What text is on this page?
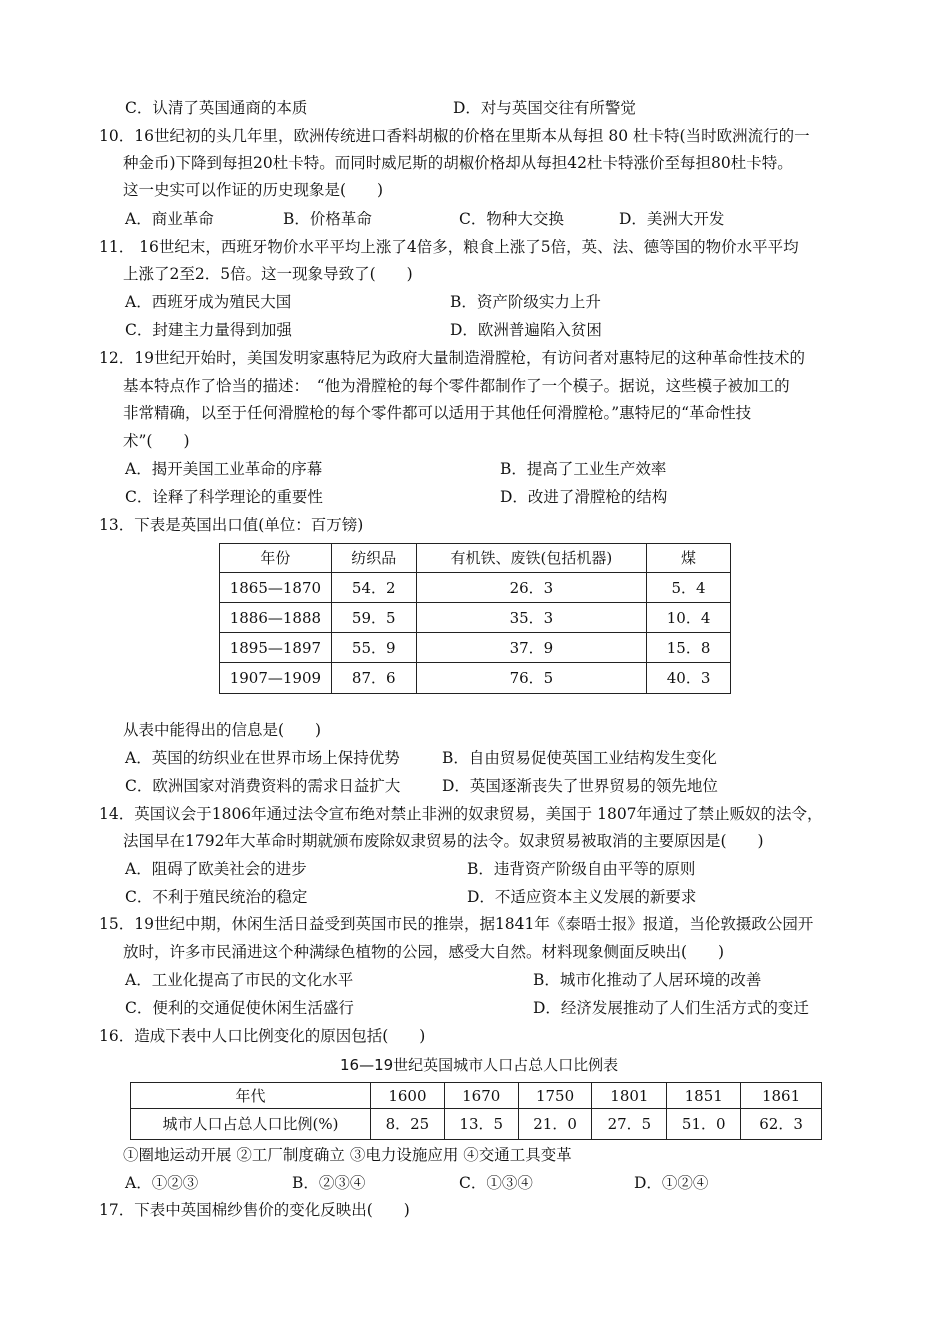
C．认清了英国通商的本质	D．对与英国交往有所警觉
10．16世纪初的头几年里，欧洲传统进口香料胡椒的价格在里斯本从每担 80 杜卡特(当时欧洲流行的一
种金币)下降到每担20杜卡特。而同时威尼斯的胡椒价格却从每担42杜卡特涨价至每担80杜卡特。
这一史实可以作证的历史现象是(　　)
A．商业革命	B．价格革命	C．物种大交换	D．美洲大开发
11． 16世纪末，西班牙物价水平平均上涨了4倍多，粮食上涨了5倍，英、法、德等国的物价水平平均
上涨了2至2．5倍。这一现象导致了(　　)
A．西班牙成为殖民大国	B．资产阶级实力上升
C．封建主力量得到加强	D．欧洲普遍陷入贫困
12．19世纪开始时，美国发明家惠特尼为政府大量制造滑膛枪，有访问者对惠特尼的这种革命性技术的
基本特点作了恰当的描述：　“他为滑膛枪的每个零件都制作了一个模子。据说，这些模子被加工的
非常精确，以至于任何滑膛枪的每个零件都可以适用于其他任何滑膛枪。”惠特尼的“革命性技
术”(　　)
A．揭开美国工业革命的序幕	B．提高了工业生产效率
C．诠释了科学理论的重要性	D．改进了滑膛枪的结构
13．下表是英国出口值(单位：百万镑)
年份	纺织品	有机铁、废铁(包括机器)	煤
1865—1870	54．2	26．3	5．4
1886—1888	59．5	35．3	10．4
1895—1897	55．9	37．9	15．8
1907—1909	87．6	76．5	40．3
从表中能得出的信息是(　　)
A．英国的纺织业在世界市场上保持优势	B．自由贸易促使英国工业结构发生变化
C．欧洲国家对消费资料的需求日益扩大	D．英国逐渐丧失了世界贸易的领先地位
14．英国议会于1806年通过法令宣布绝对禁止非洲的奴隶贸易，美国于 1807年通过了禁止贩奴的法令，
法国早在1792年大革命时期就颁布废除奴隶贸易的法令。奴隶贸易被取消的主要原因是(　　)
A．阻碍了欧美社会的进步	B．违背资产阶级自由平等的原则
C．不利于殖民统治的稳定	D．不适应资本主义发展的新要求
15．19世纪中期，休闲生活日益受到英国市民的推崇，据1841年《泰晤士报》报道，当伦敦摄政公园开
放时，许多市民涌进这个种满绿色植物的公园，感受大自然。材料现象侧面反映出(　　)
A．工业化提高了市民的文化水平	B．城市化推动了人居环境的改善
C．便利的交通促使休闲生活盛行	D．经济发展推动了人们生活方式的变迁
16．造成下表中人口比例变化的原因包括(　　)
16—19世纪英国城市人口占总人口比例表
年代	1600	1670	1750	1801	1851	1861
城市人口占总人口比例(%)	8．25	13．5	21．0	27．5	51．0	62．3
①圈地运动开展 ②工厂制度确立 ③电力设施应用 ④交通工具变革
A．①②③	B．②③④	C．①③④	D．①②④
17．下表中英国棉纱售价的变化反映出(　　)
